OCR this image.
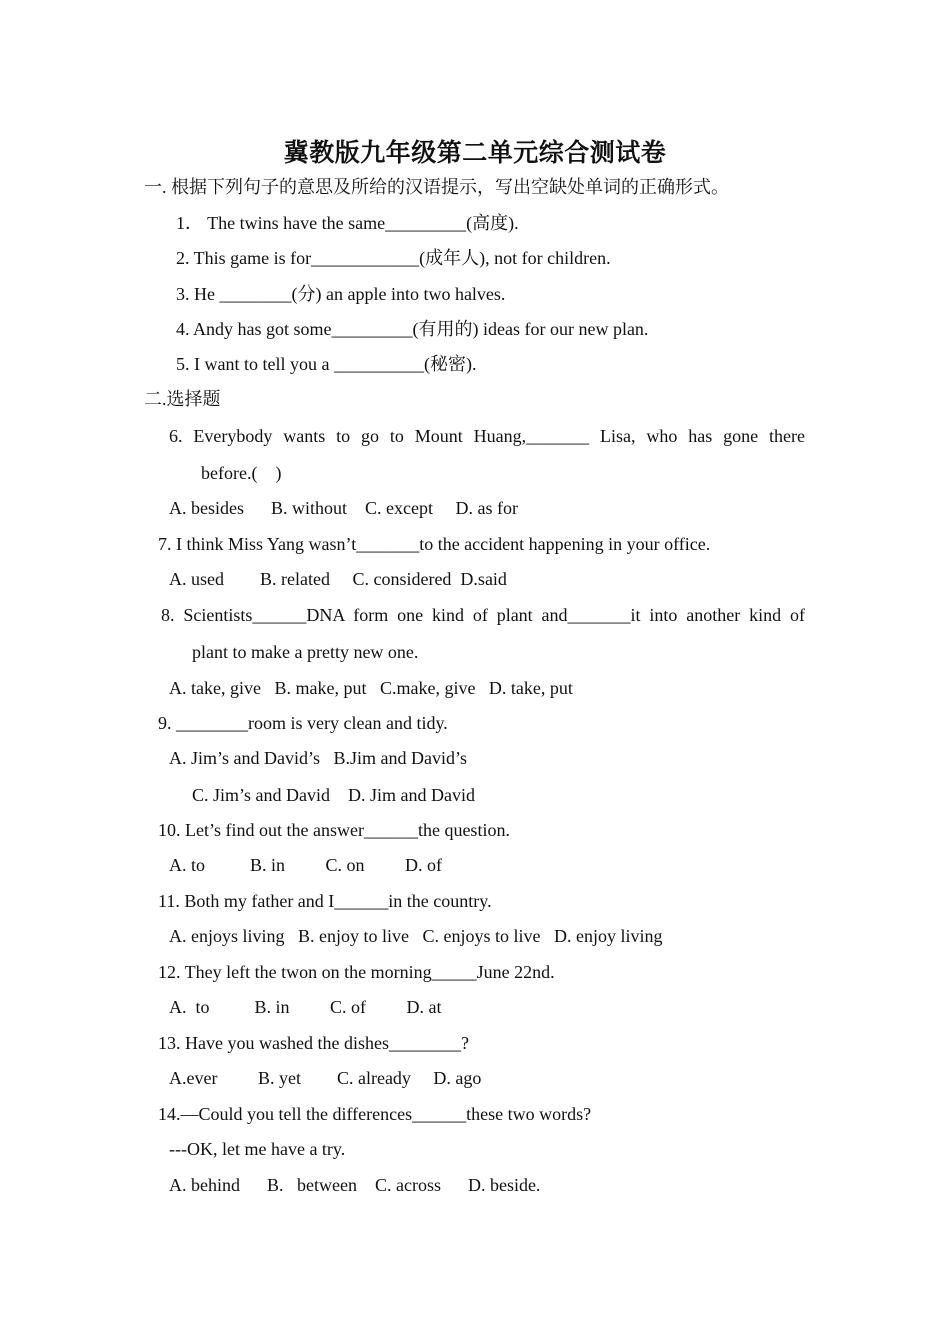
冀教版九年级第二单元综合测试卷
一. 根据下列句子的意思及所给的汉语提示，写出空缺处单词的正确形式。
1． The twins have the same_________(高度).
2. This game is for____________(成年人), not for children.
3. He ________(分) an apple into two halves.
4. Andy has got some_________(有用的) ideas for our new plan.
5. I want to tell you a __________(秘密).
二.选择题
6. Everybody wants to go to Mount Huang,_______ Lisa, who has gone there
before.(    )
A. besides      B. without    C. except     D. as for
7. I think Miss Yang wasn’t_______to the accident happening in your office.
A. used        B. related     C. considered  D.said
8. Scientists______DNA form one kind of plant and_______it into another kind of
plant to make a pretty new one.
A. take, give   B. make, put   C.make, give   D. take, put
9. ________room is very clean and tidy.
A. Jim’s and David’s   B.Jim and David’s
C. Jim’s and David    D. Jim and David
10. Let’s find out the answer______the question.
A. to          B. in         C. on         D. of
11. Both my father and I______in the country.
A. enjoys living   B. enjoy to live   C. enjoys to live   D. enjoy living
12. They left the twon on the morning_____June 22nd.
A.  to          B. in         C. of         D. at
13. Have you washed the dishes________?
A.ever         B. yet        C. already     D. ago
14.—Could you tell the differences______these two words?
---OK, let me have a try.
A. behind      B.   between    C. across      D. beside.
